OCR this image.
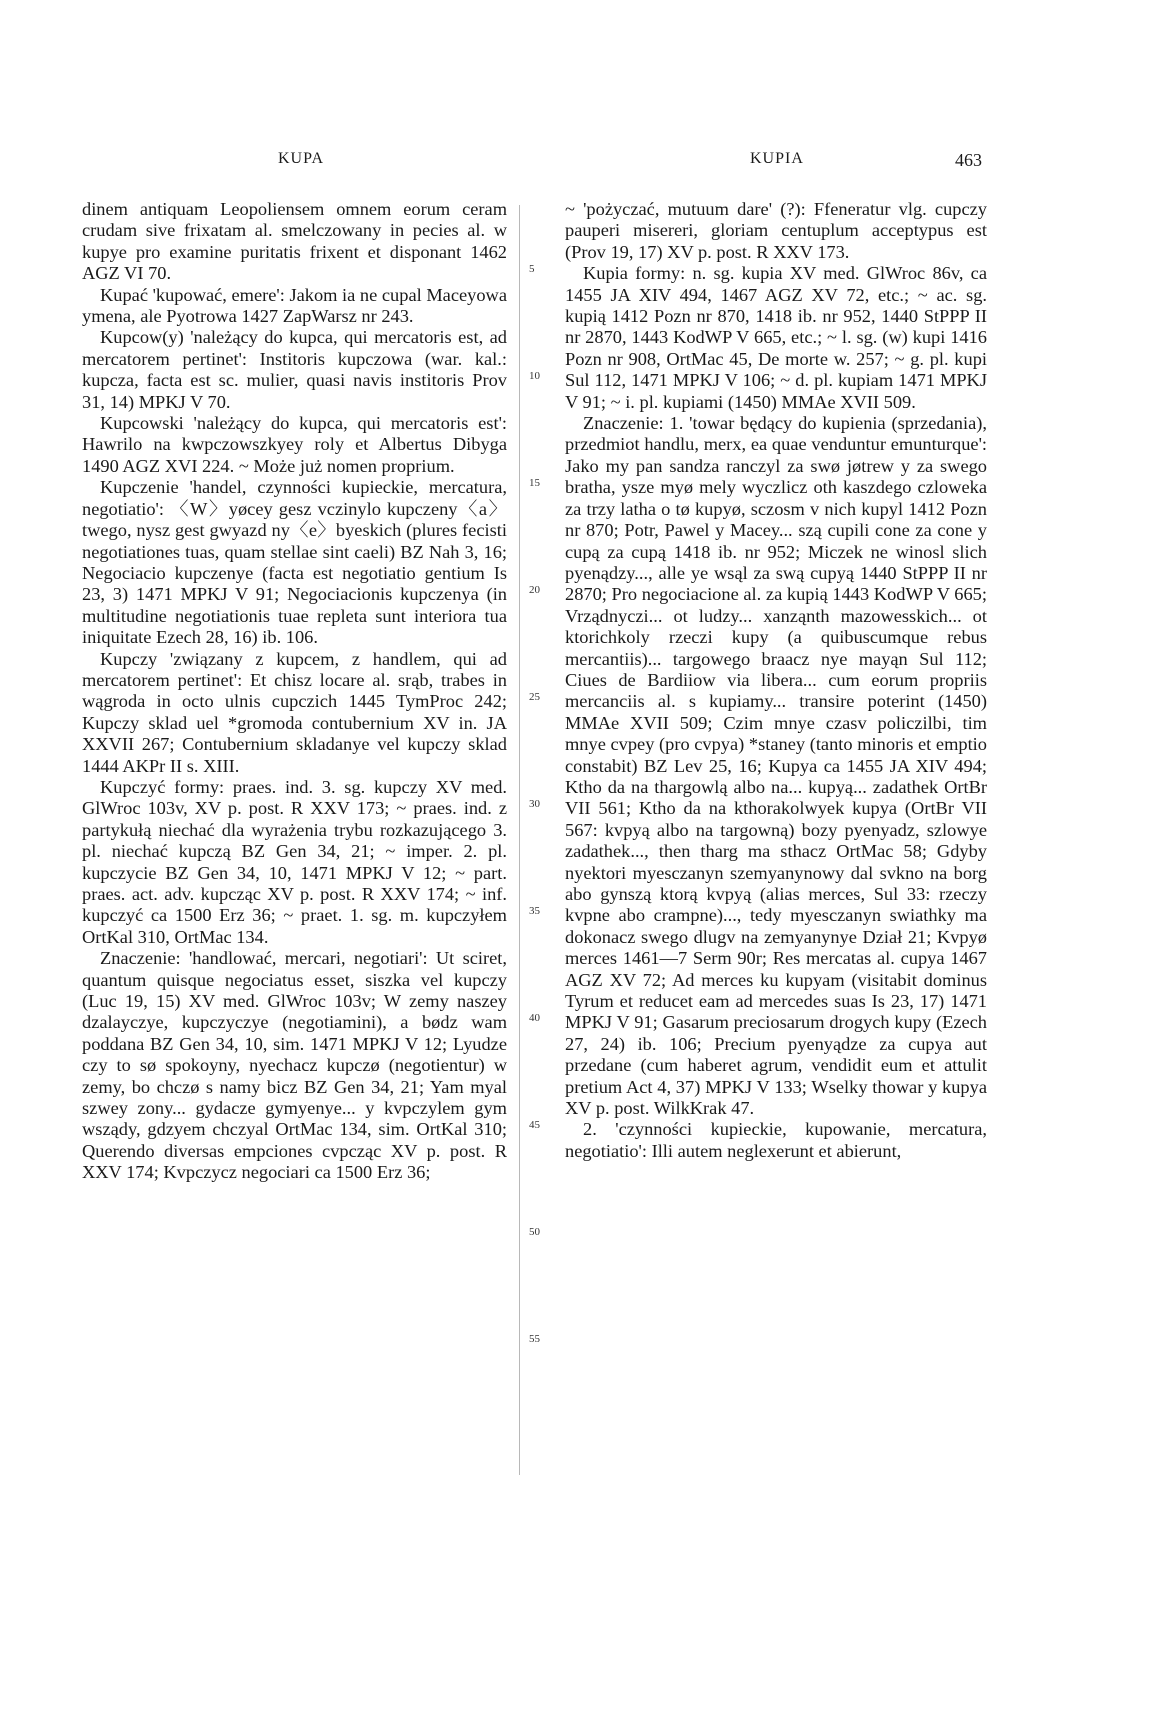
KUPA	KUPIA	463

dinem antiquam Leopoliensem omnem eorum ceram crudam sive frixatam al. smelczowany in pecies al. w kupye pro examine puritatis frixent et disponant 1462 AGZ VI 70.

Kupać 'kupować, emere': Jakom ia ne cupal Maceyowa ymena, ale Pyotrowa 1427 ZapWarsz nr 243.

Kupcow(y) 'należący do kupca, qui mercatoris est, ad mercatorem pertinet': Institoris kupczowa (war. kal.: kupcza, facta est sc. mulier, quasi navis institoris Prov 31, 14) MPKJ V 70.

Kupcowski 'należący do kupca, qui mercatoris est': Hawrilo na kwpczowszkyey roly et Albertus Dibyga 1490 AGZ XVI 224. ~ Może już nomen proprium.

Kupczenie 'handel, czynności kupieckie, mercatura, negotiatio': 〈W〉yøcey gesz vczinylo kupczeny〈a〉 twego, nysz gest gwyazd ny〈e〉byeskich (plures fecisti negotiationes tuas, quam stellae sint caeli) BZ Nah 3, 16; Negociacio kupczenye (facta est negotiatio gentium Is 23, 3) 1471 MPKJ V 91; Negociacionis kupczenya (in multitudine negotiationis tuae repleta sunt interiora tua iniquitate Ezech 28, 16) ib. 106.

Kupczy 'związany z kupcem, z handlem, qui ad mercatorem pertinet': Et chisz locare al. srąb, trabes in wągroda in octo ulnis cupczich 1445 TymProc 242; Kupczy sklad uel *gromoda contubernium XV in. JA XXVII 267; Contubernium skladanye vel kupczy sklad 1444 AKPr II s. XIII.

Kupczyć formy: praes. ind. 3. sg. kupczy XV med. GlWroc 103v, XV p. post. R XXV 173; ~ praes. ind. z partykułą niechać dla wyrażenia trybu rozkazującego 3. pl. niechać kupczą BZ Gen 34, 21; ~ imper. 2. pl. kupczycie BZ Gen 34, 10, 1471 MPKJ V 12; ~ part. praes. act. adv. kupcząc XV p. post. R XXV 174; ~ inf. kupczyć ca 1500 Erz 36; ~ praet. 1. sg. m. kupczyłem OrtKal 310, OrtMac 134.

Znaczenie: 'handlować, mercari, negotiari': Ut sciret, quantum quisque negociatus esset, siszka vel kupczy (Luc 19, 15) XV med. GlWroc 103v; W zemy naszey dzalayczye, kupczyczye (negotiamini), a bødz wam poddana BZ Gen 34, 10, sim. 1471 MPKJ V 12; Lyudze czy to sø spokoyny, nyechacz kupczø (negotientur) w zemy, bo chczø s namy bicz BZ Gen 34, 21; Yam myal szwey zony... gydacze gymyenye... y kvpczylem gym wsządy, gdzyem chczyal OrtMac 134, sim. OrtKal 310; Querendo diversas empciones cvpcząc XV p. post. R XXV 174; Kvpczycz negociari ca 1500 Erz 36;

5
10
15
20
25
30
35
40
45
50
55

~ 'pożyczać, mutuum dare' (?): Ffeneratur vlg. cupczy pauperi misereri, gloriam centuplum acceptурus est (Prov 19, 17) XV p. post. R XXV 173.

Kupia formy: n. sg. kupia XV med. GlWroc 86v, ca 1455 JA XIV 494, 1467 AGZ XV 72, etc.; ~ ac. sg. kupią 1412 Pozn nr 870, 1418 ib. nr 952, 1440 StPPP II nr 2870, 1443 KodWP V 665, etc.; ~ l. sg. (w) kupi 1416 Pozn nr 908, OrtMac 45, De morte w. 257; ~ g. pl. kupi Sul 112, 1471 MPKJ V 106; ~ d. pl. kupiam 1471 MPKJ V 91; ~ i. pl. kupiami (1450) MMAe XVII 509.

Znaczenie: 1. 'towar będący do kupienia (sprzedania), przedmiot handlu, merx, ea quae venduntur emunturque': Jako my pan sandza ranczyl za swø jøtrew y za swego bratha, ysze myø mely wyczlicz oth kaszdego czloweka za trzy latha o tø kupyø, sczosm v nich kupyl 1412 Pozn nr 870; Potr, Pawel y Macey... szą cupili cone za cone y cupą za cupą 1418 ib. nr 952; Miczek ne winosl slich pyenądzy..., alle ye wsąl za swą cupyą 1440 StPPP II nr 2870; Pro negociacione al. za kupią 1443 KodWP V 665; Vrządnyczi... ot ludzy... xanząnth mazowesskich... ot ktorichkoly rzeczi kupy (a quibuscumque rebus mercantiis)... targowego braacz nye mayąn Sul 112; Ciues de Bardiiow via libera... cum eorum propriis mercanciis al. s kupiamy... transire poterint (1450) MMAe XVII 509; Czim mnye czasv policzilbi, tim mnye cvpey (pro cvpya) *staney (tanto minoris et emptio constabit) BZ Lev 25, 16; Kupya ca 1455 JA XIV 494; Ktho da na thargowlą albo na... kupyą... zadathek OrtBr VII 561; Ktho da na kthorakolwyek kupya (OrtBr VII 567: kvpyą albo na targowną) bozy pyenyadz, szlowye zadathek..., then tharg ma sthacz OrtMac 58; Gdyby nyektori myesczanyn szemyanynowy dal svkno na borg abo gynszą ktorą kvpyą (alias merces, Sul 33: rzeczy kvpne abo crampne)..., tedy myesczanyn swiathky ma dokonacz swego dlugv na zemyanynye Dział 21; Kvpyø merces 1461—7 Serm 90r; Res mercatas al. cupya 1467 AGZ XV 72; Ad merces ku kupyam (visitabit dominus Tyrum et reducet eam ad mercedes suas Is 23, 17) 1471 MPKJ V 91; Gasarum preciosarum drogych kupy (Ezech 27, 24) ib. 106; Precium pyenyądze za cupya aut przedane (cum haberet agrum, vendidit eum et attulit pretium Act 4, 37) MPKJ V 133; Wselky thowar y kupya XV p. post. WilkKrak 47.

2. 'czynności kupieckie, kupowanie, mercatura, negotiatio': Illi autem neglexerunt et abierunt,
